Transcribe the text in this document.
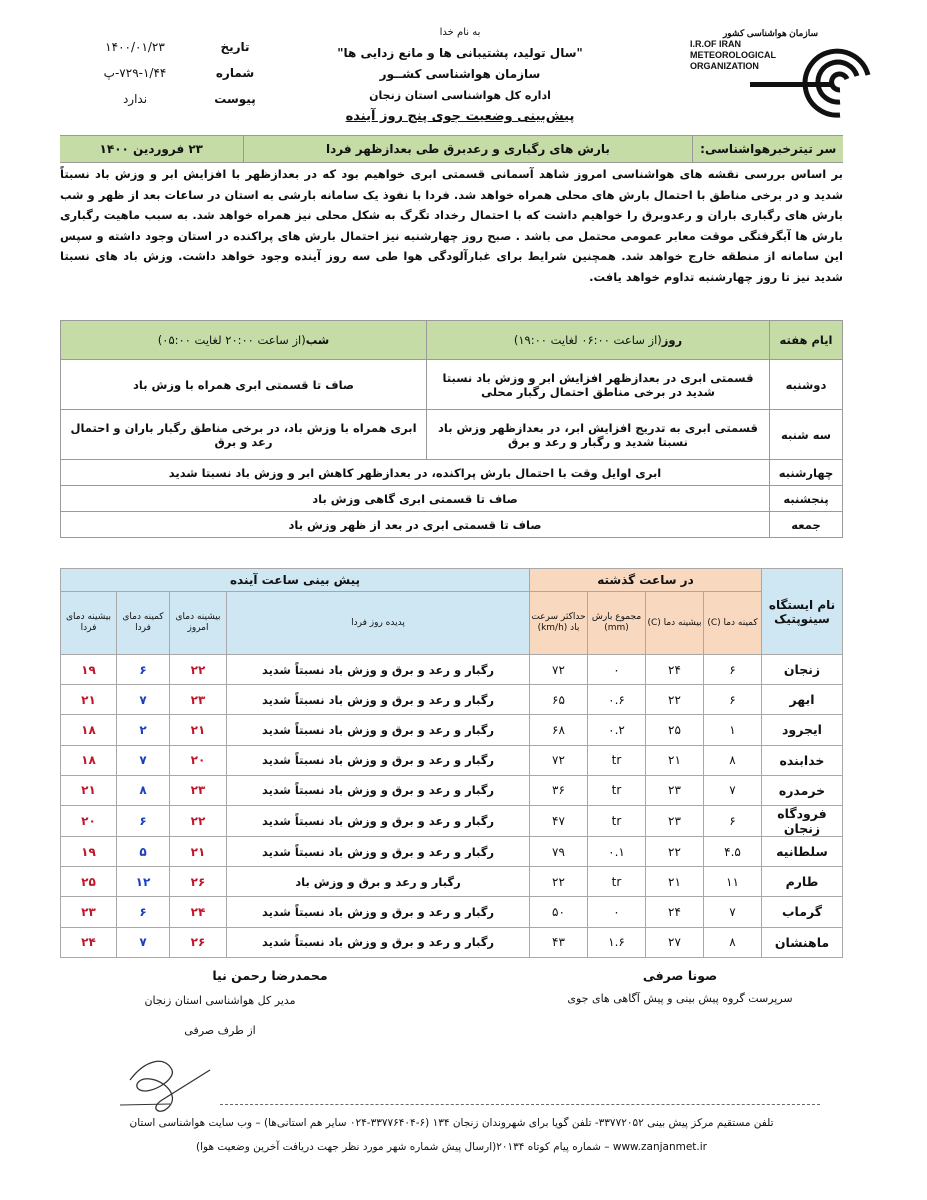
به نام خدا
"سال تولید، پشتیبانی ها و مانع زدایی ها"
سازمان هواشناسی کشــور
اداره کل هواشناسی استان زنجان
پیش‌بینی وضعیت جوی پنج روز آینده
تاریخ
۱۴۰۰/۰۱/۲۳
شماره
۷۲۹-۱/۴۴-پ
پیوست
ندارد
سازمان هواشناسی کشور
I.R.OF IRAN
METEOROLOGICAL
ORGANIZATION
سر تیترخبرهواشناسی:
بارش های رگباری و رعدبرق طی بعدازظهر فردا
۲۳ فروردین ۱۴۰۰
بر اساس بررسی نقشه های هواشناسی امروز شاهد آسمانی قسمتی ابری خواهیم بود که در بعدازظهر با افزایش ابر و وزش باد نسبتاً شدید و در برخی مناطق با احتمال بارش های محلی همراه خواهد شد. فردا با نفوذ یک سامانه بارشی به استان در ساعات بعد از ظهر و شب بارش های رگباری باران و رعدوبرق را خواهیم داشت که با احتمال رخداد تگرگ به شکل محلی نیز همراه خواهد شد. به سبب ماهیت رگباری بارش ها آبگرفتگی موقت معابر عمومی محتمل می باشد . صبح روز چهارشنبه نیز احتمال بارش های پراکنده در استان وجود داشته و سپس این سامانه از منطقه خارج خواهد شد. همچنین شرایط برای غبارآلودگی هوا طی سه روز آینده وجود خواهد داشت. وزش باد های نسبتا شدید نیز تا روز چهارشنبه تداوم خواهد یافت.
ایام هفته	روز(از ساعت ۰۶:۰۰ لغایت ۱۹:۰۰)	شب(از ساعت ۲۰:۰۰ لغایت ۰۵:۰۰)
دوشنبه	قسمتی ابری در بعدازظهر افزایش ابر و وزش باد نسبتا شدید در برخی مناطق احتمال رگبار محلی	صاف تا قسمتی ابری همراه با وزش باد
سه شنبه	قسمتی ابری به تدریج افزایش ابر، در بعدازظهر وزش باد نسبتا شدید و رگبار و رعد و برق	ابری همراه با وزش باد، در برخی مناطق رگبار باران و احتمال رعد و برق
چهارشنبه	ابری اوایل وقت با احتمال بارش پراکنده، در بعدازظهر کاهش ابر و وزش باد نسبتا شدید	
پنجشنبه	صاف تا قسمتی ابری گاهی وزش باد	
جمعه	صاف تا قسمتی ابری در بعد از ظهر وزش باد	
نام ایستگاه سینوپتیک	در ساعت گذشته				پیش بینی ساعت آینده			
	کمینه دما (C)	بیشینه دما (C)	مجموع بارش (mm)	حداکثر سرعت باد (km/h)	پدیده روز فردا	بیشینه دمای امروز	کمینه دمای فردا	بیشینه دمای فردا
زنجان	۶	۲۴	۰	۷۲	رگبار و رعد و برق و وزش باد نسبتاً شدید	۲۲	۶	۱۹
ابهر	۶	۲۲	۰.۶	۶۵	رگبار و رعد و برق و وزش باد نسبتاً شدید	۲۳	۷	۲۱
ایجرود	۱	۲۵	۰.۲	۶۸	رگبار و رعد و برق و وزش باد نسبتاً شدید	۲۱	۲	۱۸
خدابنده	۸	۲۱	tr	۷۲	رگبار و رعد و برق و وزش باد نسبتاً شدید	۲۰	۷	۱۸
خرمدره	۷	۲۳	tr	۳۶	رگبار و رعد و برق و وزش باد نسبتاً شدید	۲۳	۸	۲۱
فرودگاه زنجان	۶	۲۳	tr	۴۷	رگبار و رعد و برق و وزش باد نسبتاً شدید	۲۲	۶	۲۰
سلطانیه	۴.۵	۲۲	۰.۱	۷۹	رگبار و رعد و برق و وزش باد نسبتاً شدید	۲۱	۵	۱۹
طارم	۱۱	۲۱	tr	۲۲	رگبار و رعد و برق و وزش باد	۲۶	۱۲	۲۵
گرماب	۷	۲۴	۰	۵۰	رگبار و رعد و برق و وزش باد نسبتاً شدید	۲۴	۶	۲۳
ماهنشان	۸	۲۷	۱.۶	۴۳	رگبار و رعد و برق و وزش باد نسبتاً شدید	۲۶	۷	۲۴
صونا صرفی
سرپرست گروه پیش بینی و پیش آگاهی های جوی
محمدرضا رحمن نیا
مدیر کل هواشناسی استان زنجان
از طرف صرفی
تلفن مستقیم مرکز پیش بینی ۳۳۷۷۲۰۵۲- تلفن گویا برای شهروندان زنجان ۱۳۴ (۶-۳۳۷۷۶۴۰۴-۰۲۴ سایر هم استانی‌ها) – وب سایت هواشناسی استان
www.zanjanmet.ir – شماره پیام کوتاه ۲۰۱۳۴(ارسال پیش شماره شهر مورد نظر جهت دریافت آخرین وضعیت هوا)
